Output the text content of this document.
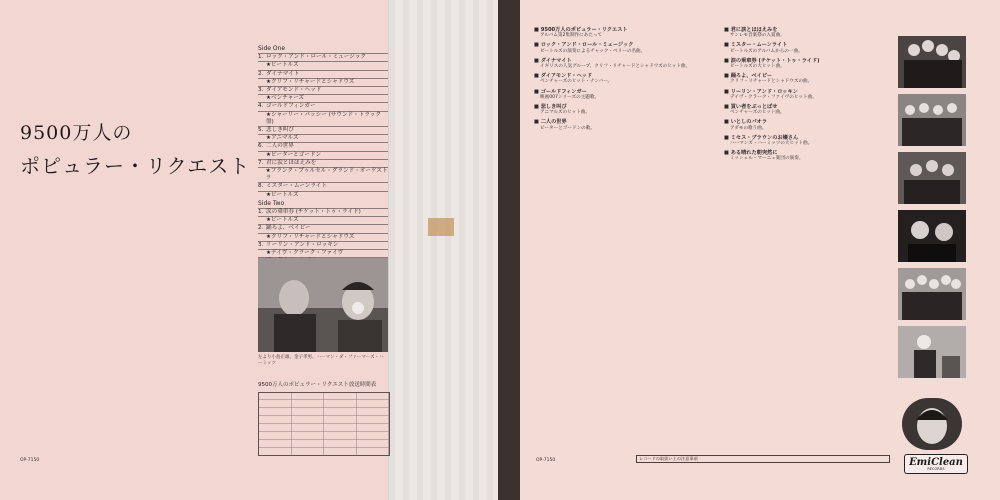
9500万人の
ポピュラー・リクエスト
Side One
1. ロック・アンド・ロール・ミュージック
★ビートルズ
2. ダイナマイト
★クリフ・リチャードとシャドウズ
3. ダイアモンド・ヘッド
★ベンチャーズ
4. ゴールドフィンガー
★シャーリー・バッシー (サウンド・トラック盤)
5. 悲しき叫び
★アニマルズ
6. 二人の世界
★ピーターとゴードン
7. 君に涙とほほえみを
★フランク・プゥルセル・グランド・オーケストラ
8. ミスター・ムーンライト
★ビートルズ
Side Two
1. 涙の乗車券 (チケット・トゥ・ライド)
★ビートルズ
2. 踊ろよ、ベイビー
★クリフ・リチャードとシャドウズ
3. リーリン・アンド・ロッキン
★デイヴ・クラーク・ファイヴ
左より小島正雄、金子孝男、ハーマン・ダ・ファーマーズ・ハーミッツ
9500万人のポピュラー・リクエスト放送時間表
OP-7150	OP-7150
■ 9500万人のポピュラー・リクエスト
アルバム第2集制作にあたって
■ ロック・アンド・ロール・ミュージック
ビートルズの演奏によるチャック・ベリーの名曲。
■ ダイナマイト
イギリスの人気グループ、クリフ・リチャードとシャドウズのヒット曲。
■ ダイアモンド・ヘッド
ベンチャーズのヒット・ナンバー。
■ ゴールドフィンガー
映画007シリーズの主題歌。
■ 悲しき叫び
アニマルズのヒット曲。
■ 二人の世界
ピーターとゴードンの歌。
■ 君に涙とほほえみを
サンレモ音楽祭の入賞曲。
■ ミスター・ムーンライト
ビートルズのアルバムからの一曲。
■ 涙の乗車券 (チケット・トゥ・ライド)
ビートルズの大ヒット曲。
■ 踊ろよ、ベイビー
クリフ・リチャードとシャドウズの曲。
■ リーリン・アンド・ロッキン
デイヴ・クラーク・ファイヴのヒット曲。
■ 買い者をぶっとばせ
ベンチャーズのヒット曲。
■ いとしのパオラ
アダモの歌う曲。
■ ミセス・ブラウンのお嬢さん
ハーマンズ・ハーミッツの大ヒット曲。
■ ある晴れた朝突然に
ミッシェル・マーニュ楽団の演奏。
レコードの取扱い上の注意事項	EmiClean
RECORDS
